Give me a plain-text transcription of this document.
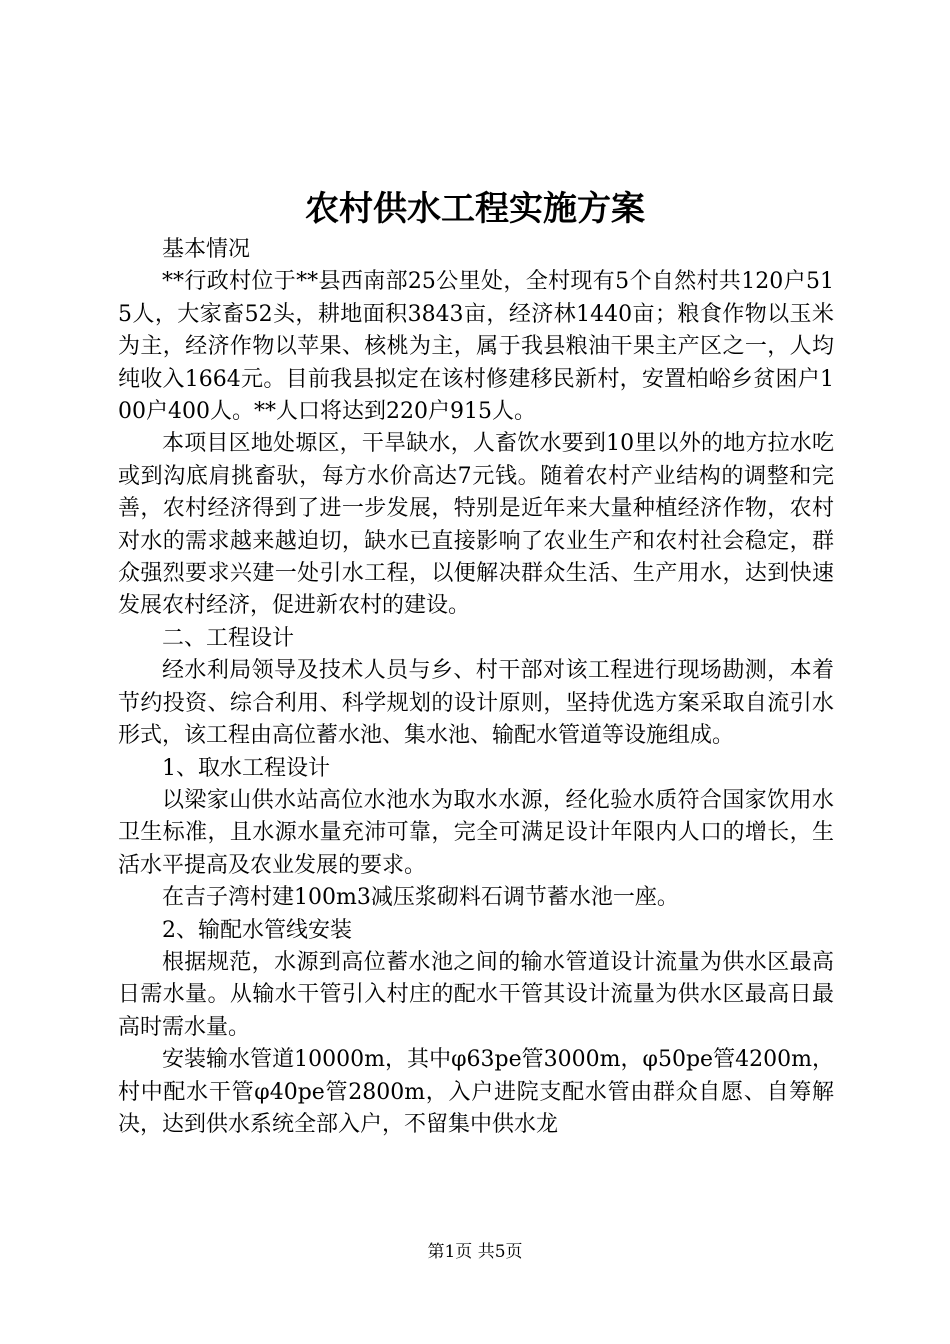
农村供水工程实施方案

基本情况

**行政村位于**县西南部25公里处，全村现有5个自然村共120户515人，大家畜52头，耕地面积3843亩，经济林1440亩；粮食作物以玉米为主，经济作物以苹果、核桃为主，属于我县粮油干果主产区之一，人均纯收入1664元。目前我县拟定在该村修建移民新村，安置柏峪乡贫困户100户400人。**人口将达到220户915人。

本项目区地处塬区，干旱缺水，人畜饮水要到10里以外的地方拉水吃或到沟底肩挑畜驮，每方水价高达7元钱。随着农村产业结构的调整和完善，农村经济得到了进一步发展，特别是近年来大量种植经济作物，农村对水的需求越来越迫切，缺水已直接影响了农业生产和农村社会稳定，群众强烈要求兴建一处引水工程，以便解决群众生活、生产用水，达到快速发展农村经济，促进新农村的建设。

二、工程设计

经水利局领导及技术人员与乡、村干部对该工程进行现场勘测，本着节约投资、综合利用、科学规划的设计原则，坚持优选方案采取自流引水形式，该工程由高位蓄水池、集水池、输配水管道等设施组成。

1、取水工程设计

以梁家山供水站高位水池水为取水水源，经化验水质符合国家饮用水卫生标准，且水源水量充沛可靠，完全可满足设计年限内人口的增长，生活水平提高及农业发展的要求。

在吉子湾村建100m3减压浆砌料石调节蓄水池一座。

2、输配水管线安装

根据规范，水源到高位蓄水池之间的输水管道设计流量为供水区最高日需水量。从输水干管引入村庄的配水干管其设计流量为供水区最高日最高时需水量。

安装输水管道10000m，其中φ63pe管3000m，φ50pe管4200m，村中配水干管φ40pe管2800m，入户进院支配水管由群众自愿、自筹解决，达到供水系统全部入户，不留集中供水龙

第1页 共5页
